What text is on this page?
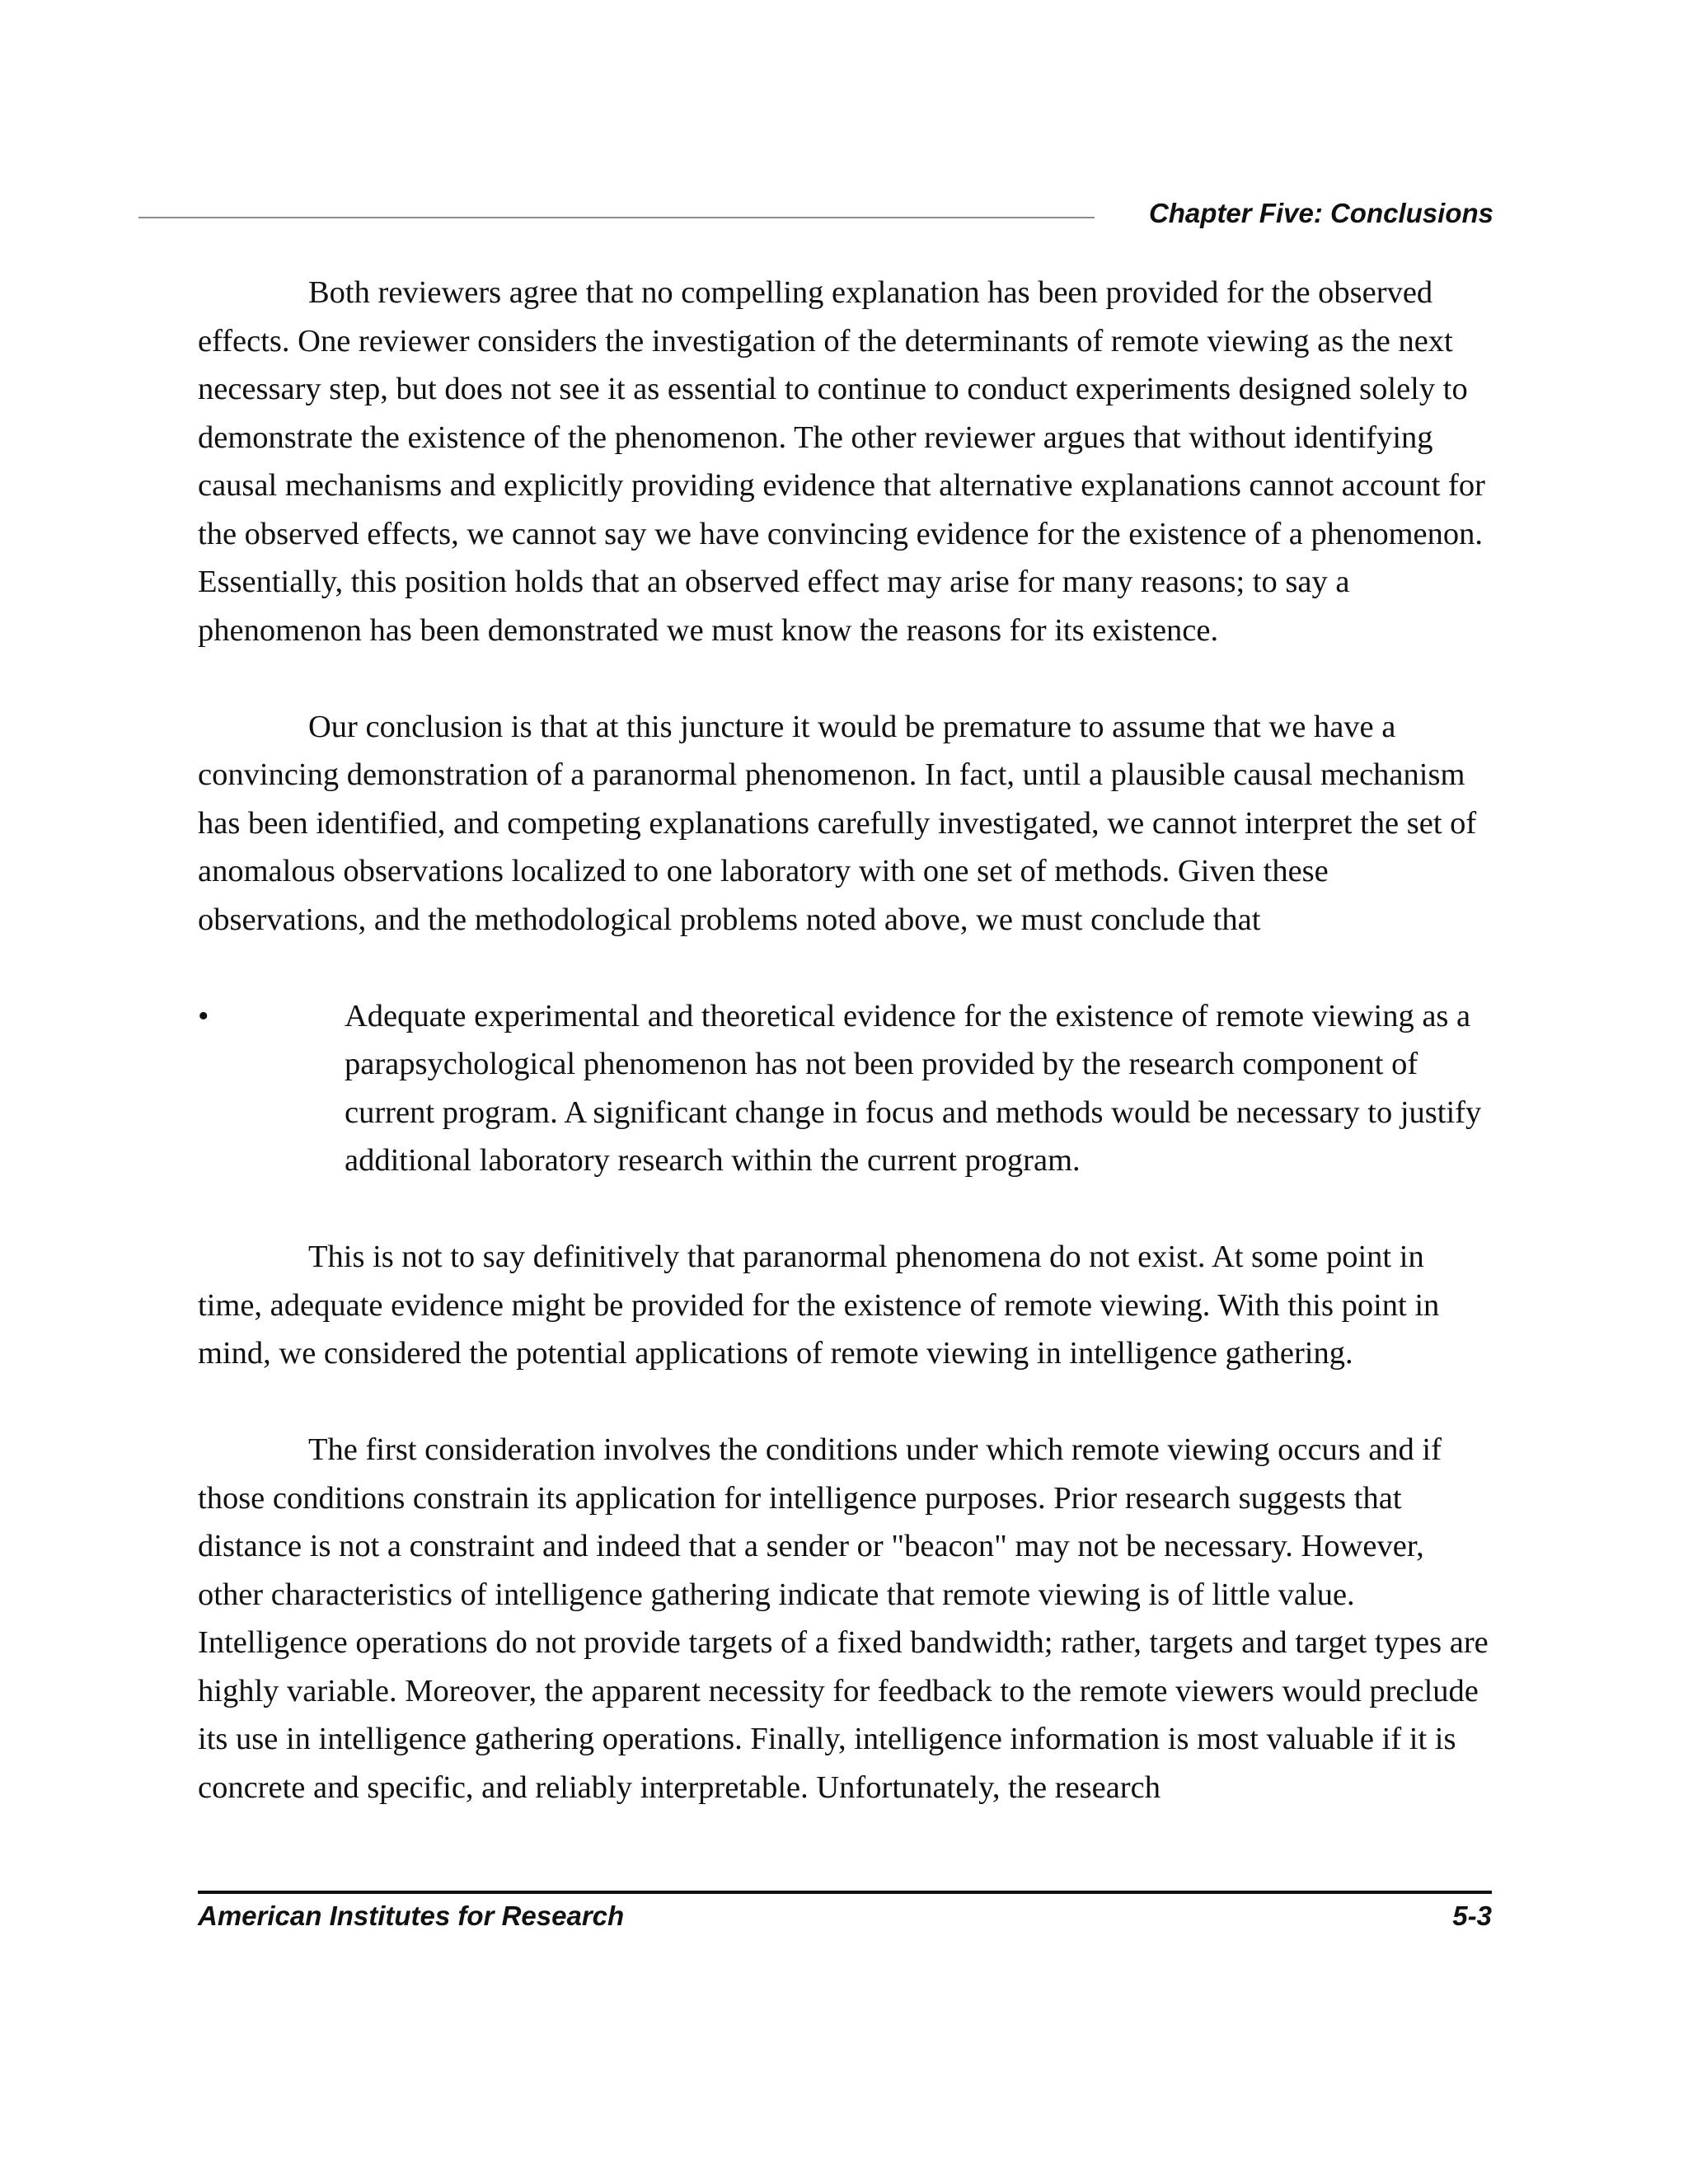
Chapter Five: Conclusions

Both reviewers agree that no compelling explanation has been provided for the observed effects. One reviewer considers the investigation of the determinants of remote viewing as the next necessary step, but does not see it as essential to continue to conduct experiments designed solely to demonstrate the existence of the phenomenon. The other reviewer argues that without identifying causal mechanisms and explicitly providing evidence that alternative explanations cannot account for the observed effects, we cannot say we have convincing evidence for the existence of a phenomenon. Essentially, this position holds that an observed effect may arise for many reasons; to say a phenomenon has been demonstrated we must know the reasons for its existence.

Our conclusion is that at this juncture it would be premature to assume that we have a convincing demonstration of a paranormal phenomenon. In fact, until a plausible causal mechanism has been identified, and competing explanations carefully investigated, we cannot interpret the set of anomalous observations localized to one laboratory with one set of methods. Given these observations, and the methodological problems noted above, we must conclude that

•	Adequate experimental and theoretical evidence for the existence of remote viewing as a parapsychological phenomenon has not been provided by the research component of current program. A significant change in focus and methods would be necessary to justify additional laboratory research within the current program.

This is not to say definitively that paranormal phenomena do not exist. At some point in time, adequate evidence might be provided for the existence of remote viewing. With this point in mind, we considered the potential applications of remote viewing in intelligence gathering.

The first consideration involves the conditions under which remote viewing occurs and if those conditions constrain its application for intelligence purposes. Prior research suggests that distance is not a constraint and indeed that a sender or "beacon" may not be necessary. However, other characteristics of intelligence gathering indicate that remote viewing is of little value. Intelligence operations do not provide targets of a fixed bandwidth; rather, targets and target types are highly variable. Moreover, the apparent necessity for feedback to the remote viewers would preclude its use in intelligence gathering operations. Finally, intelligence information is most valuable if it is concrete and specific, and reliably interpretable. Unfortunately, the research

American Institutes for Research	5-3
